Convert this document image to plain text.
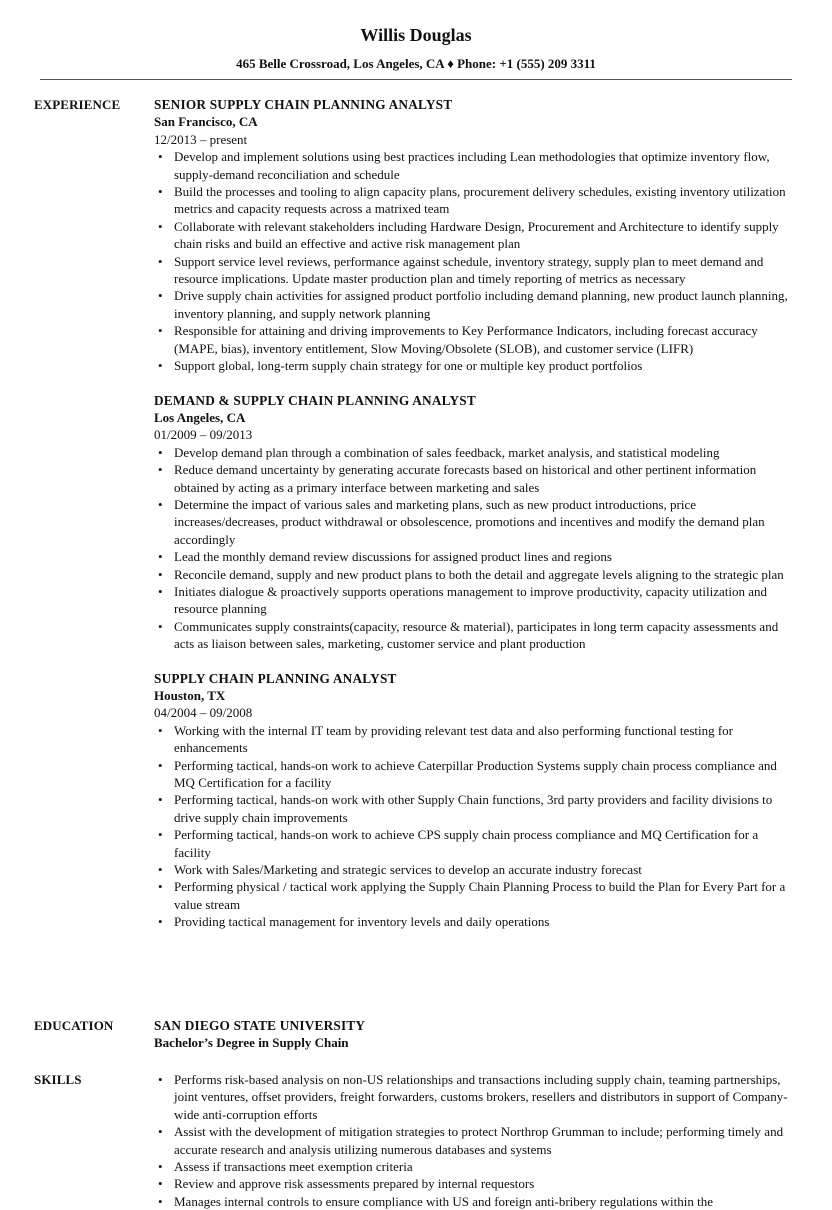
Willis Douglas
465 Belle Crossroad, Los Angeles, CA ♦ Phone: +1 (555) 209 3311
EXPERIENCE	SENIOR SUPPLY CHAIN PLANNING ANALYST
San Francisco, CA
12/2013 – present
• Develop and implement solutions using best practices including Lean methodologies that optimize inventory flow, supply-demand reconciliation and schedule
• Build the processes and tooling to align capacity plans, procurement delivery schedules, existing inventory utilization metrics and capacity requests across a matrixed team
• Collaborate with relevant stakeholders including Hardware Design, Procurement and Architecture to identify supply chain risks and build an effective and active risk management plan
• Support service level reviews, performance against schedule, inventory strategy, supply plan to meet demand and resource implications. Update master production plan and timely reporting of metrics as necessary
• Drive supply chain activities for assigned product portfolio including demand planning, new product launch planning, inventory planning, and supply network planning
• Responsible for attaining and driving improvements to Key Performance Indicators, including forecast accuracy (MAPE, bias), inventory entitlement, Slow Moving/Obsolete (SLOB), and customer service (LIFR)
• Support global, long-term supply chain strategy for one or multiple key product portfolios
DEMAND & SUPPLY CHAIN PLANNING ANALYST
Los Angeles, CA
01/2009 – 09/2013
• Develop demand plan through a combination of sales feedback, market analysis, and statistical modeling
• Reduce demand uncertainty by generating accurate forecasts based on historical and other pertinent information obtained by acting as a primary interface between marketing and sales
• Determine the impact of various sales and marketing plans, such as new product introductions, price increases/decreases, product withdrawal or obsolescence, promotions and incentives and modify the demand plan accordingly
• Lead the monthly demand review discussions for assigned product lines and regions
• Reconcile demand, supply and new product plans to both the detail and aggregate levels aligning to the strategic plan
• Initiates dialogue & proactively supports operations management to improve productivity, capacity utilization and resource planning
• Communicates supply constraints(capacity, resource & material), participates in long term capacity assessments and acts as liaison between sales, marketing, customer service and plant production
SUPPLY CHAIN PLANNING ANALYST
Houston, TX
04/2004 – 09/2008
• Working with the internal IT team by providing relevant test data and also performing functional testing for enhancements
• Performing tactical, hands-on work to achieve Caterpillar Production Systems supply chain process compliance and MQ Certification for a facility
• Performing tactical, hands-on work with other Supply Chain functions, 3rd party providers and facility divisions to drive supply chain improvements
• Performing tactical, hands-on work to achieve CPS supply chain process compliance and MQ Certification for a facility
• Work with Sales/Marketing and strategic services to develop an accurate industry forecast
• Performing physical / tactical work applying the Supply Chain Planning Process to build the Plan for Every Part for a value stream
• Providing tactical management for inventory levels and daily operations
EDUCATION	SAN DIEGO STATE UNIVERSITY
Bachelor’s Degree in Supply Chain
SKILLS
•	Performs risk-based analysis on non-US relationships and transactions including supply chain, teaming partnerships, joint ventures, offset providers, freight forwarders, customs brokers, resellers and distributors in support of Company-wide anti-corruption efforts
• Assist with the development of mitigation strategies to protect Northrop Grumman to include; performing timely and accurate research and analysis utilizing numerous databases and systems
• Assess if transactions meet exemption criteria
• Review and approve risk assessments prepared by internal requestors
• Manages internal controls to ensure compliance with US and foreign anti-bribery regulations within the
